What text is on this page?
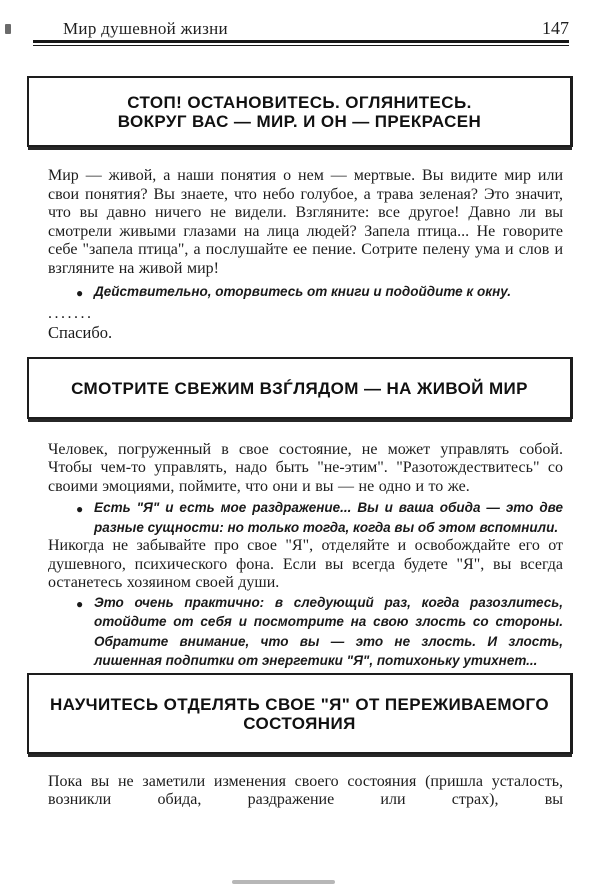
Мир душевной жизни	147
СТОП! ОСТАНОВИТЕСЬ. ОГЛЯНИТЕСЬ.
ВОКРУГ ВАС — МИР. И ОН — ПРЕКРАСЕН
Мир — живой, а наши понятия о нем — мертвые. Вы видите мир или свои понятия? Вы знаете, что небо голубое, а трава зеленая? Это значит, что вы давно ничего не видели. Взгляните: все другое! Давно ли вы смотрели живыми глазами на лица людей? Запела птица... Не говорите себе "запела птица", а послушайте ее пение. Сотрите пелену ума и слов и взгляните на живой мир!
● Действительно, оторвитесь от книги и подойдите к окну.
.......
Спасибо.
СМОТРИТЕ СВЕЖИМ ВЗЃЛЯДОМ — НА ЖИВОЙ МИР
Человек, погруженный в свое состояние, не может управлять собой. Чтобы чем-то управлять, надо быть "не-этим". "Разотождествитесь" со своими эмоциями, поймите, что они и вы — не одно и то же.
● Есть "Я" и есть мое раздражение... Вы и ваша обида — это две разные сущности: но только тогда, когда вы об этом вспомнили.
Никогда не забывайте про свое "Я", отделяйте и освобождайте его от душевного, психического фона. Если вы всегда будете "Я", вы всегда останетесь хозяином своей души.
● Это очень практично: в следующий раз, когда разозлитесь, отойдите от себя и посмотрите на свою злость со стороны. Обратите внимание, что вы — это не злость. И злость, лишенная подпитки от энергетики "Я", потихоньку утихнет...
НАУЧИТЕСЬ ОТДЕЛЯТЬ СВОЕ "Я" ОТ ПЕРЕЖИВАЕМОГО СОСТОЯНИЯ
Пока вы не заметили изменения своего состояния (пришла усталость, возникли обида, раздражение или страх), вы
